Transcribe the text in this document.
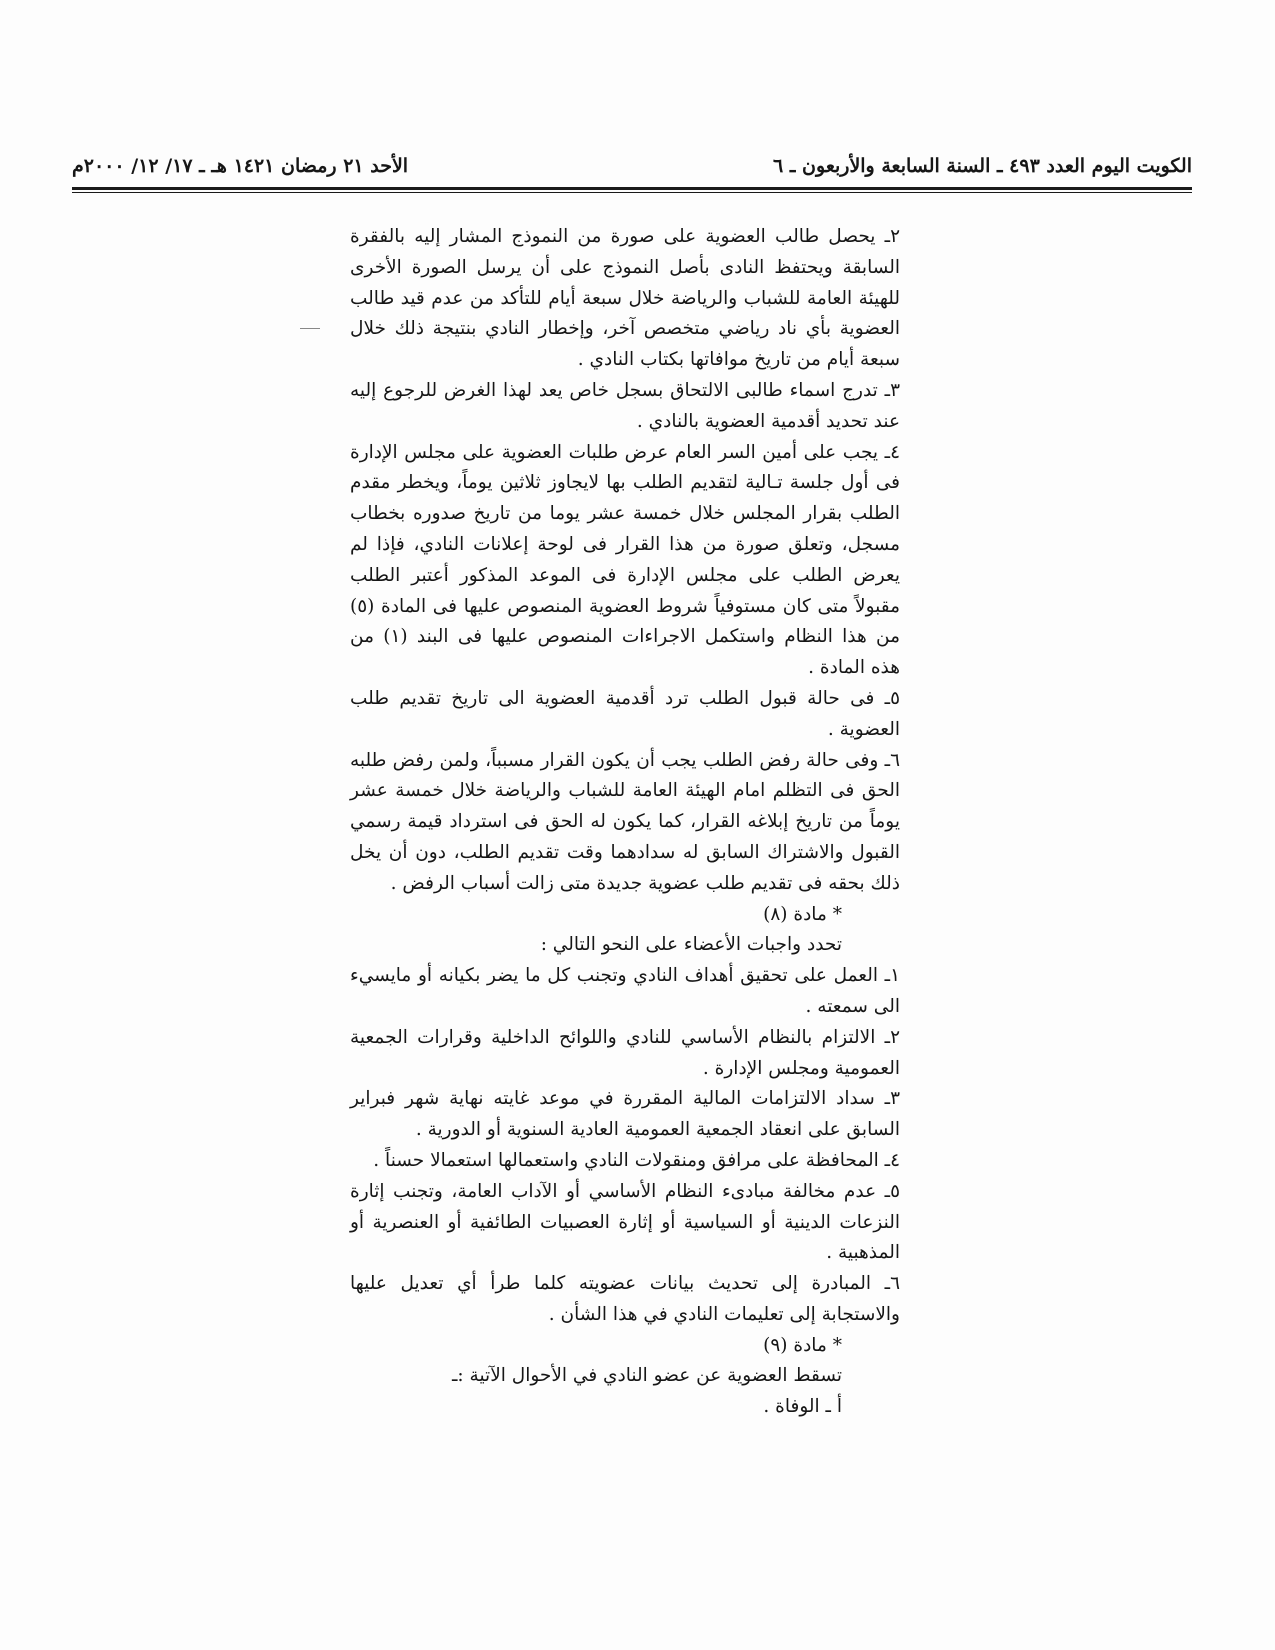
الكويت اليوم العدد ٤٩٣ ـ السنة السابعة والأربعون ـ ٦
الأحد ٢١ رمضان ١٤٢١ هـ ـ ١٧/ ١٢/ ٢٠٠٠م

٢ـ يحصل طالب العضوية على صورة من النموذج المشار إليه بالفقرة السابقة ويحتفظ النادى بأصل النموذج على أن يرسل الصورة الأخرى للهيئة العامة للشباب والرياضة خلال سبعة أيام للتأكد من عدم قيد طالب العضوية بأي ناد رياضي متخصص آخر، وإخطار النادي بنتيجة ذلك خلال سبعة أيام من تاريخ موافاتها بكتاب النادي .

٣ـ تدرج اسماء طالبى الالتحاق بسجل خاص يعد لهذا الغرض للرجوع إليه عند تحديد أقدمية العضوية بالنادي .

٤ـ يجب على أمين السر العام عرض طلبات العضوية على مجلس الإدارة فى أول جلسة تـالية لتقديم الطلب بها لايجاوز ثلاثين يوماً، ويخطر مقدم الطلب بقرار المجلس خلال خمسة عشر يوما من تاريخ صدوره بخطاب مسجل، وتعلق صورة من هذا القرار فى لوحة إعلانات النادي، فإذا لم يعرض الطلب على مجلس الإدارة فى الموعد المذكور أعتبر الطلب مقبولاً متى كان مستوفياً شروط العضوية المنصوص عليها فى المادة (٥) من هذا النظام واستكمل الاجراءات المنصوص عليها فى البند (١) من هذه المادة .

٥ـ فى حالة قبول الطلب ترد أقدمية العضوية الى تاريخ تقديم طلب العضوية .

٦ـ وفى حالة رفض الطلب يجب أن يكون القرار مسبباً، ولمن رفض طلبه الحق فى التظلم امام الهيئة العامة للشباب والرياضة خلال خمسة عشر يوماً من تاريخ إبلاغه القرار، كما يكون له الحق فى استرداد قيمة رسمي القبول والاشتراك السابق له سدادهما وقت تقديم الطلب، دون أن يخل ذلك بحقه فى تقديم طلب عضوية جديدة متى زالت أسباب الرفض .

* مادة (٨)

تحدد واجبات الأعضاء على النحو التالي :

١ـ العمل على تحقيق أهداف النادي وتجنب كل ما يضر بكيانه أو مايسيء الى سمعته .

٢ـ الالتزام بالنظام الأساسي للنادي واللوائح الداخلية وقرارات الجمعية العمومية ومجلس الإدارة .

٣ـ سداد الالتزامات المالية المقررة في موعد غايته نهاية شهر فبراير السابق على انعقاد الجمعية العمومية العادية السنوية أو الدورية .

٤ـ المحافظة على مرافق ومنقولات النادي واستعمالها استعمالا حسناً .

٥ـ عدم مخالفة مبادىء النظام الأساسي أو الآداب العامة، وتجنب إثارة النزعات الدينية أو السياسية أو إثارة العصبيات الطائفية أو العنصرية أو المذهبية .

٦ـ المبادرة إلى تحديث بيانات عضويته كلما طرأ أي تعديل عليها والاستجابة إلى تعليمات النادي في هذا الشأن .

* مادة (٩)

تسقط العضوية عن عضو النادي في الأحوال الآتية :ـ

أ ـ الوفاة .
